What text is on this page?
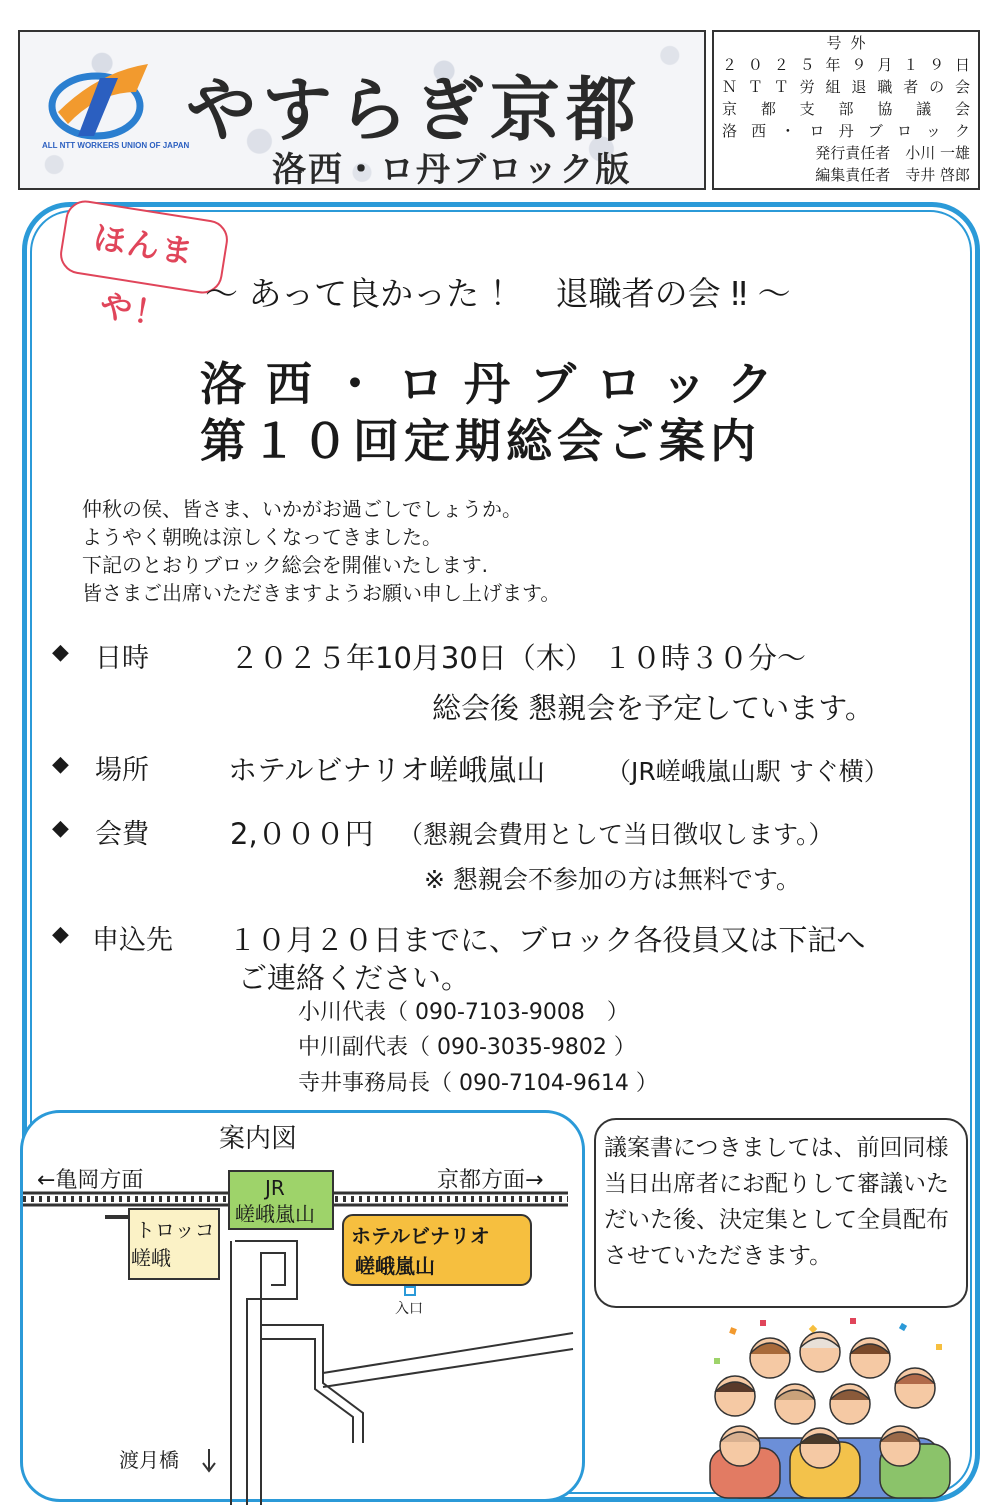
ALL NTT WORKERS UNION OF JAPAN
やすらぎ京都
洛西・ロ丹ブロック版
号 外
２０２５年９月１９日
ＮＴＴ労組退職者の会
京都支部協議会
洛西・ロ丹ブロック
発行責任者　小川 一雄
編集責任者　寺井 啓郎
ほんまや！	～ あって良かった ！　退職者の会 ‼ ～
洛西・ロ丹ブロック
第１０回定期総会ご案内
仲秋の侯、皆さま、いかがお過ごしでしょうか。
ようやく朝晩は涼しくなってきました。
下記のとおりブロック総会を開催いたします.
皆さまご出席いただきますようお願い申し上げます。
◆ 日時	２０２５年10月30日（木） １０時３０分～
総会後 懇親会を予定しています。
◆ 場所	ホテルビナリオ嵯峨嵐山 （JR嵯峨嵐山駅 すぐ横）
◆ 会費	2,０００円 （懇親会費用として当日徴収します。）
※ 懇親会不参加の方は無料です。
◆ 申込先 １０月２０日までに、ブロック各役員又は下記へ
ご連絡ください。
小川代表（ 090-7103-9008　）
中川副代表（ 090-3035-9802 ）
寺井事務局長（ 090-7104-9614 ）
案内図
←亀岡方面	京都方面→
JR
嵯峨嵐山
トロッコ
嵯峨
ホテルビナリオ
嵯峨嵐山
入口
渡月橋
議案書につきましては、前回同様 当日出席者にお配りして審議いただいた後、決定集として全員配布させていただきます。
